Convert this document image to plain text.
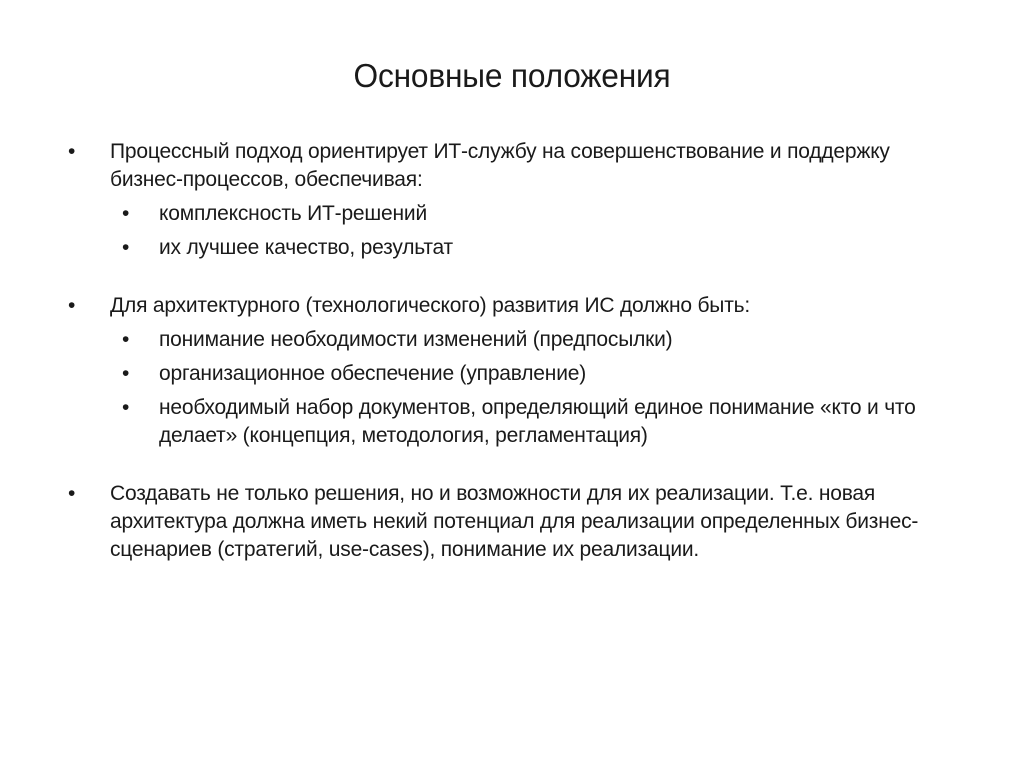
Основные положения
• Процессный подход ориентирует ИТ-службу на совершенствование и поддержку бизнес-процессов, обеспечивая:
• комплексность ИТ-решений
• их лучшее качество, результат
• Для архитектурного (технологического) развития ИС должно быть:
• понимание необходимости изменений (предпосылки)
• организационное обеспечение (управление)
• необходимый набор документов, определяющий единое понимание «кто и что делает» (концепция, методология, регламентация)
• Создавать не только решения, но и возможности для их реализации. Т.е. новая архитектура должна иметь некий потенциал для реализации определенных бизнес-сценариев (стратегий, use-cases), понимание их реализации.
